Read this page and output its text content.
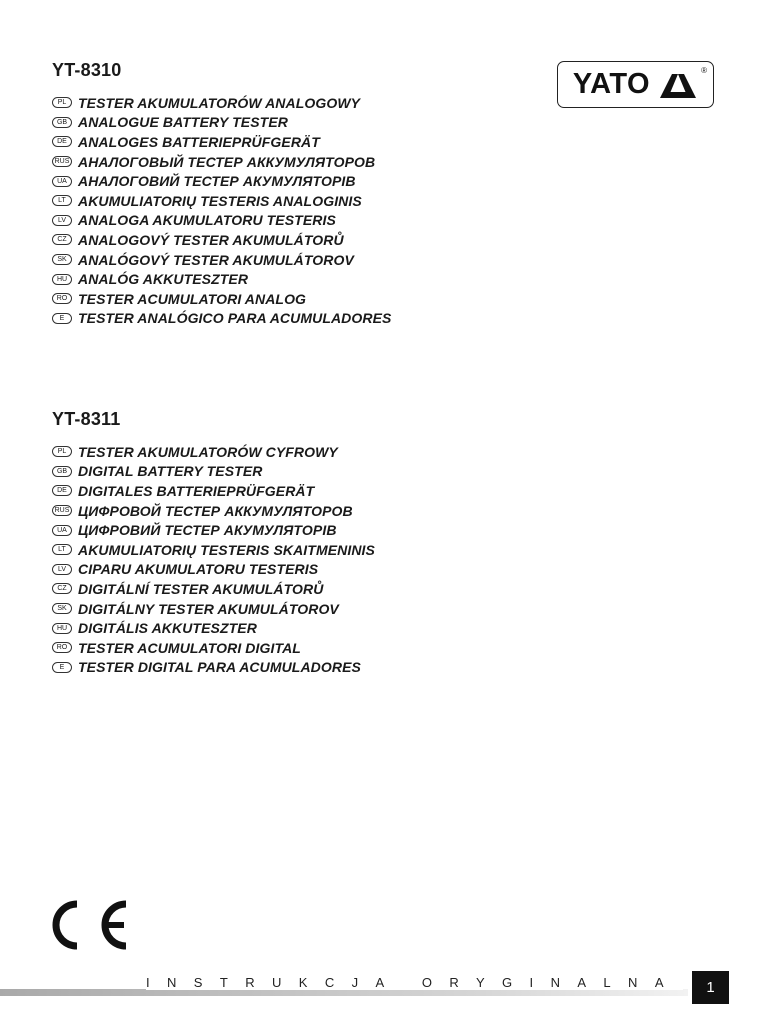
YATO	®
YT-8310
PL TESTER AKUMULATORÓW ANALOGOWY
GB ANALOGUE BATTERY TESTER
DE ANALOGES BATTERIEPRÜFGERÄT
RUS АНАЛОГОВЫЙ ТЕСТЕР АККУМУЛЯТОРОВ
UA АНАЛОГОВИЙ ТЕСТЕР АКУМУЛЯТОРІВ
LT AKUMULIATORIŲ TESTERIS ANALOGINIS
LV ANALOGA AKUMULATORU TESTERIS
CZ ANALOGOVÝ TESTER AKUMULÁTORŮ
SK ANALÓGOVÝ TESTER AKUMULÁTOROV
HU ANALÓG AKKUTESZTER
RO TESTER ACUMULATORI ANALOG
E TESTER ANALÓGICO PARA ACUMULADORES
YT-8311
PL TESTER AKUMULATORÓW CYFROWY
GB DIGITAL BATTERY TESTER
DE DIGITALES BATTERIEPRÜFGERÄT
RUS ЦИФРОВОЙ ТЕСТЕР АККУМУЛЯТОРОВ
UA ЦИФРОВИЙ ТЕСТЕР АКУМУЛЯТОРІВ
LT AKUMULIATORIŲ TESTERIS SKAITMENINIS
LV CIPARU AKUMULATORU TESTERIS
CZ DIGITÁLNÍ TESTER AKUMULÁTORŮ
SK DIGITÁLNY TESTER AKUMULÁTOROV
HU DIGITÁLIS AKKUTESZTER
RO TESTER ACUMULATORI DIGITAL
E TESTER DIGITAL PARA ACUMULADORES
INSTRUKCJA ORYGINALNA	1
